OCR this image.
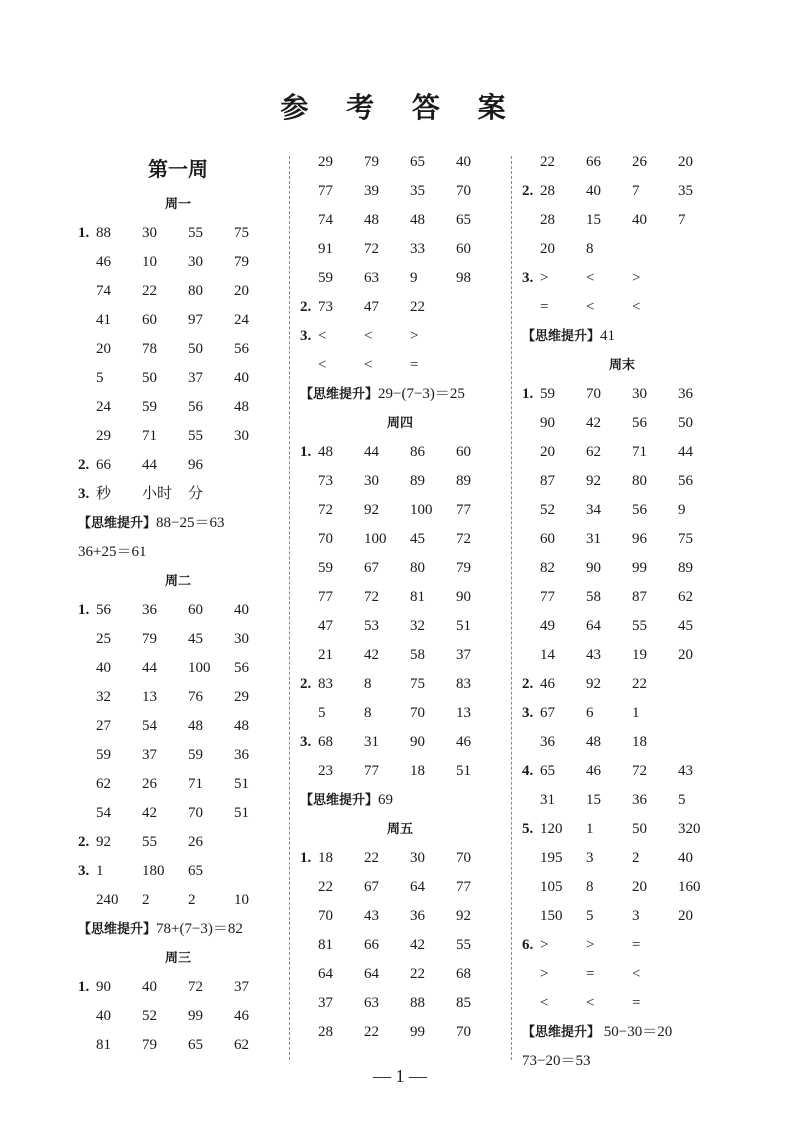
参 考 答 案
第一周
周一
1. 88 30 55 75
46 10 30 79
74 22 80 20
41 60 97 24
20 78 50 56
5	50 37 40
24 59 56 48
29 71 55 30
2. 66 44 96
3. 秒 小时 分
【思维提升】88−25＝63
36+25＝61
周二
1. 56 36 60 40
25 79 45 30
40 44 100 56
32 13 76 29
27 54 48 48
59 37 59 36
62 26 71 51
54 42 70 51
2. 92 55 26
3. 1	180 65
240 2	2	10
【思维提升】78+(7−3)＝82
周三
1. 90 40 72 37
40 52 99 46
81 79 65 62
29 79 65 40
77 39 35 70
74 48 48 65
91 72 33 60
59 63 9	98
2. 73 47 22
3. <	<	>
<	<	=
【思维提升】29−(7−3)＝25
周四
1. 48 44 86 60
73 30 89 89
72 92 100 77
70 100 45 72
59 67 80 79
77 72 81 90
47 53 32 51
21 42 58 37
2. 83 8	75 83
5	8	70 13
3. 68 31 90 46
23 77 18 51
【思维提升】69
周五
1. 18 22 30 70
22 67 64 77
70 43 36 92
81 66 42 55
64 64 22 68
37 63 88 85
28 22 99 70
22 66 26 20
2. 28 40 7	35
28 15 40 7
20 8
3. >	<	>
=	<	<
【思维提升】41
周末
1. 59 70 30 36
90 42 56 50
20 62 71 44
87 92 80 56
52 34 56 9
60 31 96 75
82 90 99 89
77 58 87 62
49 64 55 45
14 43 19 20
2. 46 92 22
3. 67 6	1
36 48 18
4. 65 46 72 43
31 15 36 5
5. 120 1	50 320
195 3	2	40
105 8	20 160
150 5	3	20
6. >	>	=
>	=	<
<	<	=
【思维提升】 50−30＝20
73−20＝53
— 1 —
